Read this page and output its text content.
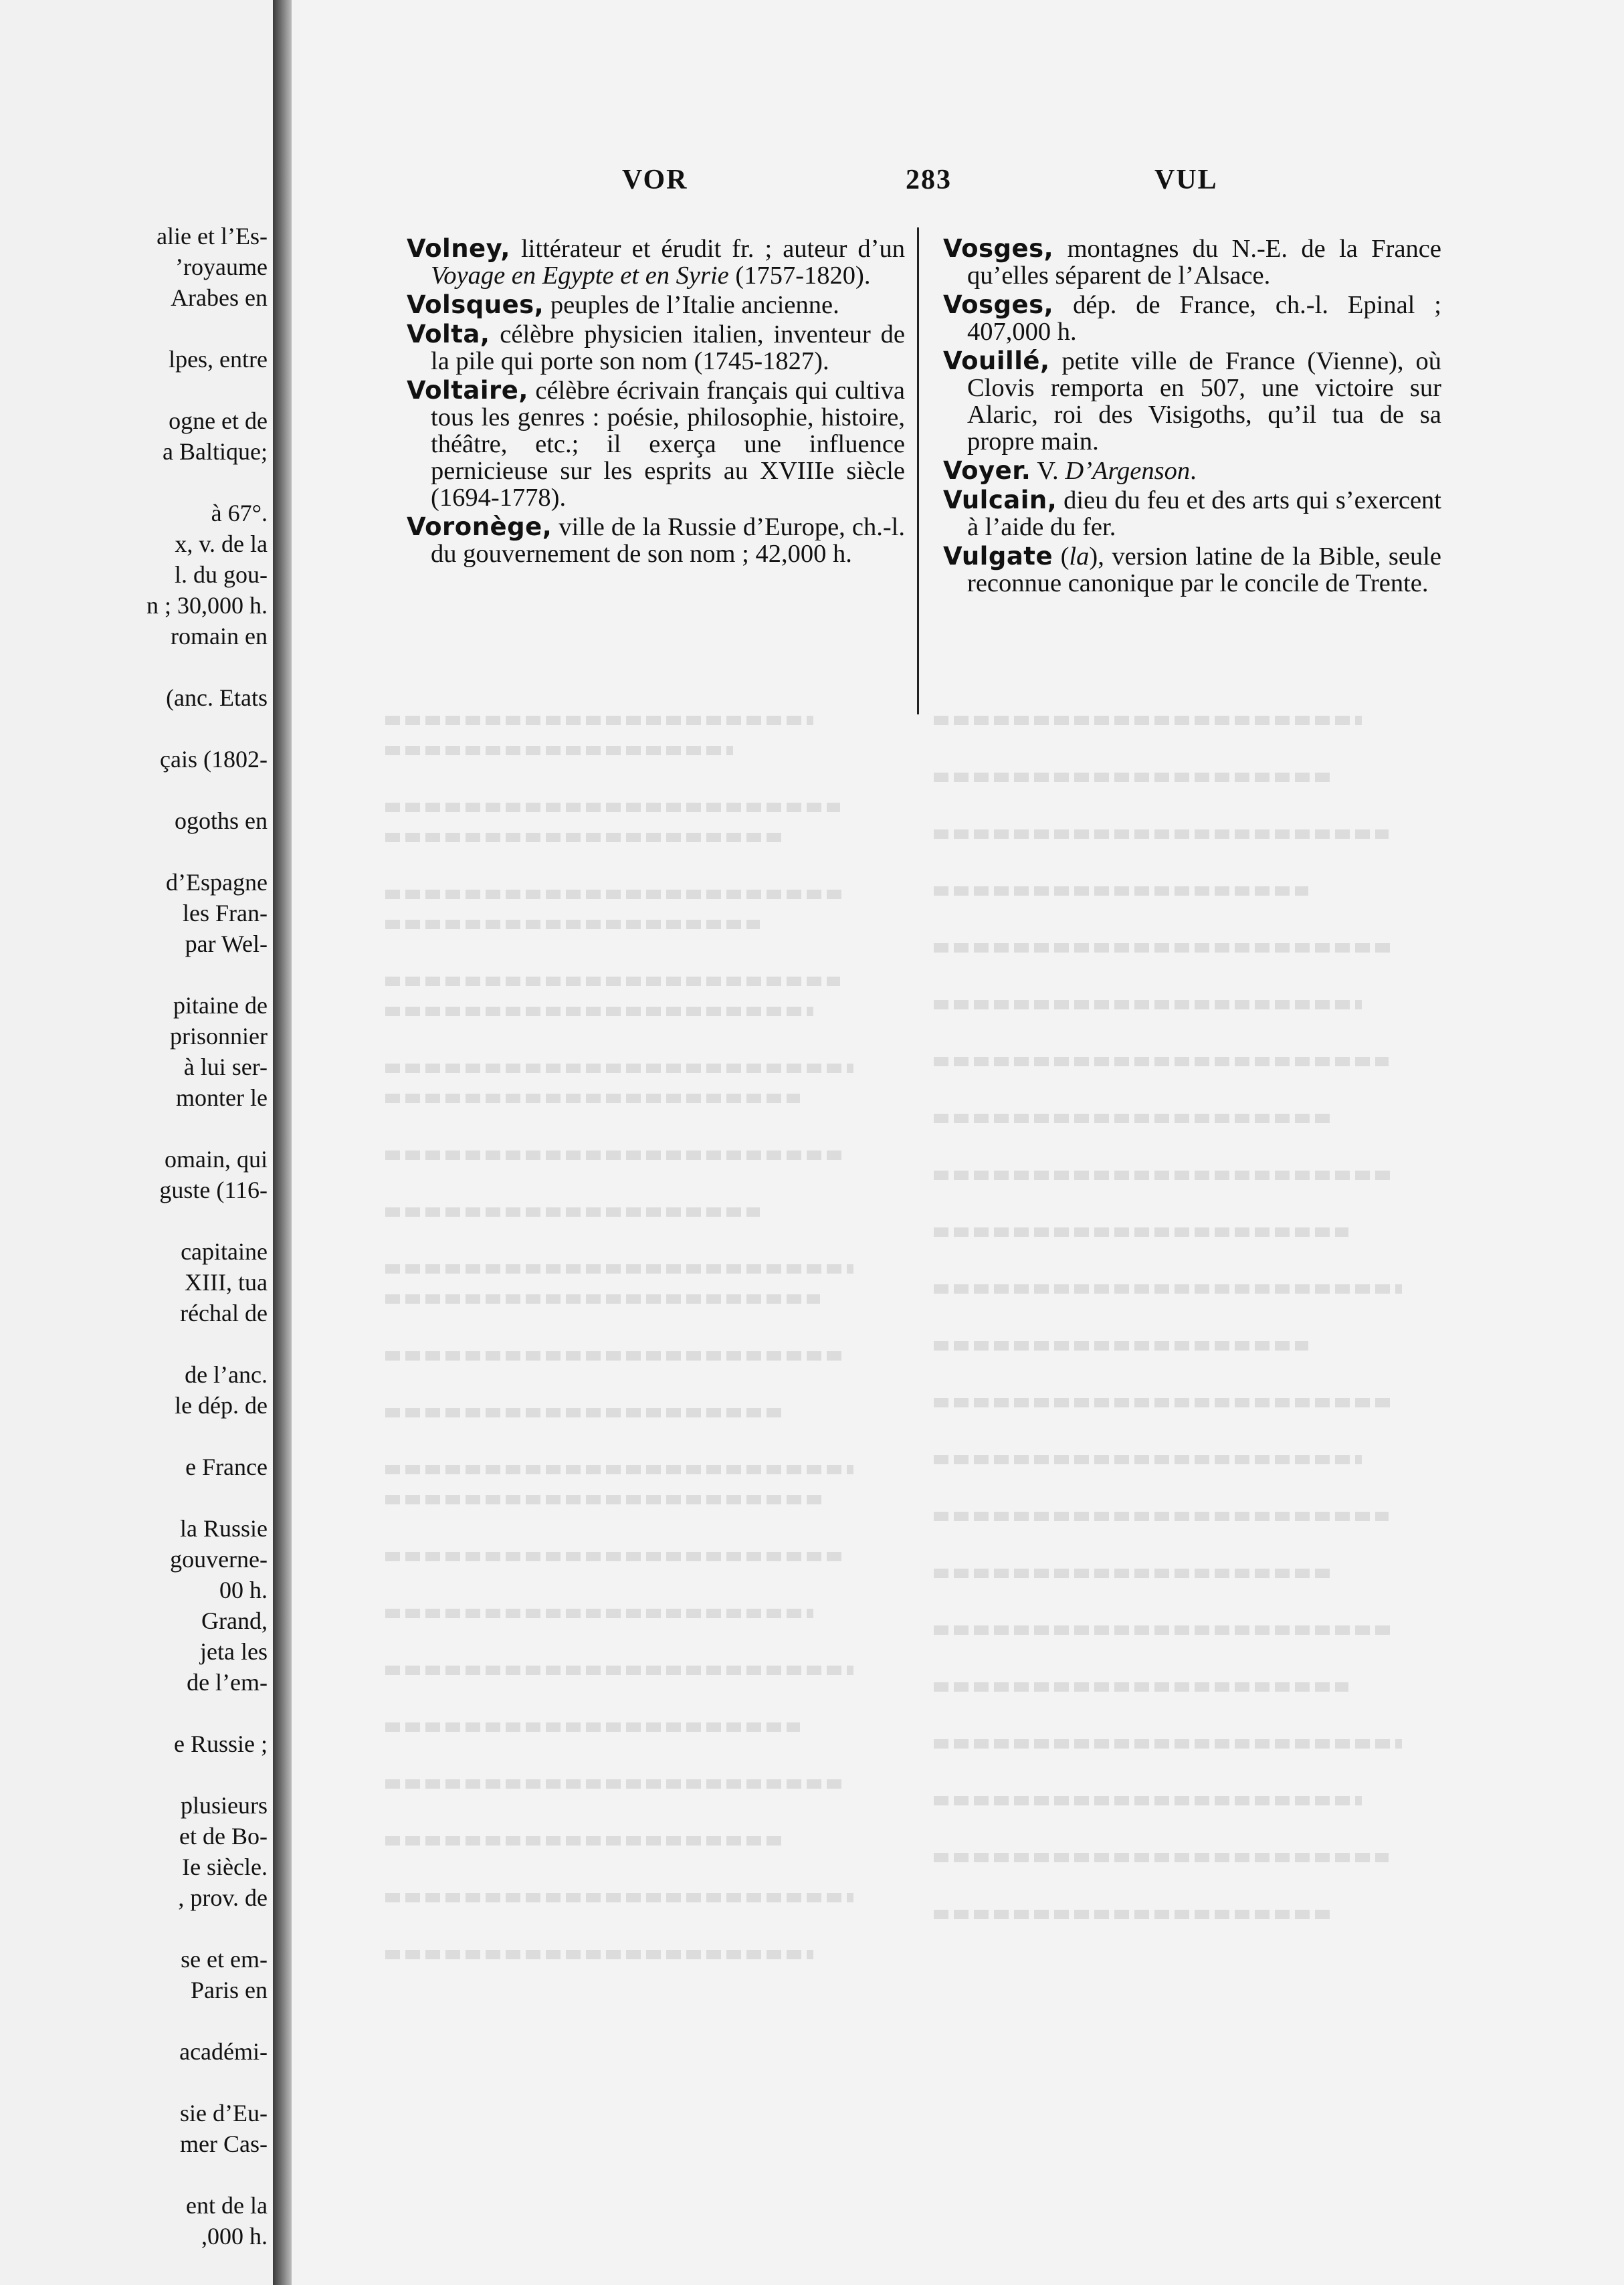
alie et l’Es-
’royaume
Arabes en
lpes, entre
ogne et de
a Baltique;
à 67°.
x, v. de la
l. du gou-
n ; 30,000 h.
romain en
(anc. Etats
çais (1802-
ogoths en
d’Espagne
les Fran-
par Wel-
pitaine de
prisonnier
à lui ser-
monter le
omain, qui
guste (116-
capitaine
XIII, tua
réchal de
de l’anc.
le dép. de
e France
la Russie
gouverne-
00 h.
Grand,
jeta les
de l’em-
e Russie ;
plusieurs
et de Bo-
Ie siècle.
, prov. de
se et em-
Paris en
académi-
sie d’Eu-
mer Cas-
ent de la
,000 h.
VOR	283	VUL
Volney, littérateur et érudit fr. ; auteur d’un Voyage en Egypte et en Syrie (1757-1820).
Volsques, peuples de l’Italie ancienne.
Volta, célèbre physicien italien, inventeur de la pile qui porte son nom (1745-1827).
Voltaire, célèbre écrivain français qui cultiva tous les genres : poésie, philosophie, histoire, théâtre, etc.; il exerça une influence pernicieuse sur les esprits au XVIIIe siècle (1694-1778).
Voronège, ville de la Russie d’Europe, ch.-l. du gouvernement de son nom ; 42,000 h.
Vosges, montagnes du N.-E. de la France qu’elles séparent de l’Alsace.
Vosges, dép. de France, ch.-l. Epinal ; 407,000 h.
Vouillé, petite ville de France (Vienne), où Clovis remporta en 507, une victoire sur Alaric, roi des Visigoths, qu’il tua de sa propre main.
Voyer. V. D’Argenson.
Vulcain, dieu du feu et des arts qui s’exercent à l’aide du fer.
Vulgate (la), version latine de la Bible, seule reconnue canonique par le concile de Trente.
